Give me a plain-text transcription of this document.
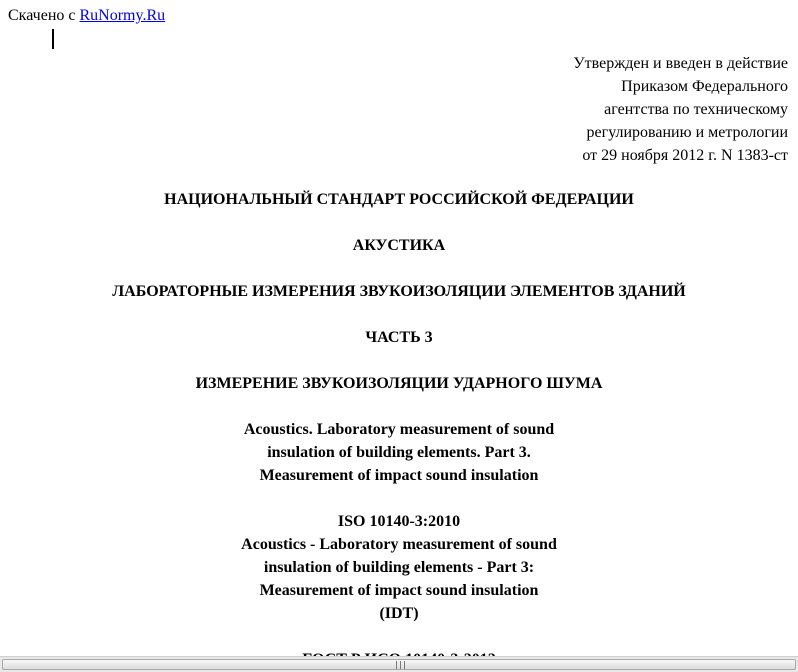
Скачено с RuNormy.Ru
Утвержден и введен в действие
Приказом Федерального
агентства по техническому
регулированию и метрологии
от 29 ноября 2012 г. N 1383-ст
НАЦИОНАЛЬНЫЙ СТАНДАРТ РОССИЙСКОЙ ФЕДЕРАЦИИ
АКУСТИКА
ЛАБОРАТОРНЫЕ ИЗМЕРЕНИЯ ЗВУКОИЗОЛЯЦИИ ЭЛЕМЕНТОВ ЗДАНИЙ
ЧАСТЬ 3
ИЗМЕРЕНИЕ ЗВУКОИЗОЛЯЦИИ УДАРНОГО ШУМА
Acoustics. Laboratory measurement of sound
insulation of building elements. Part 3.
Measurement of impact sound insulation
ISO 10140-3:2010
Acoustics - Laboratory measurement of sound
insulation of building elements - Part 3:
Measurement of impact sound insulation
(IDT)
